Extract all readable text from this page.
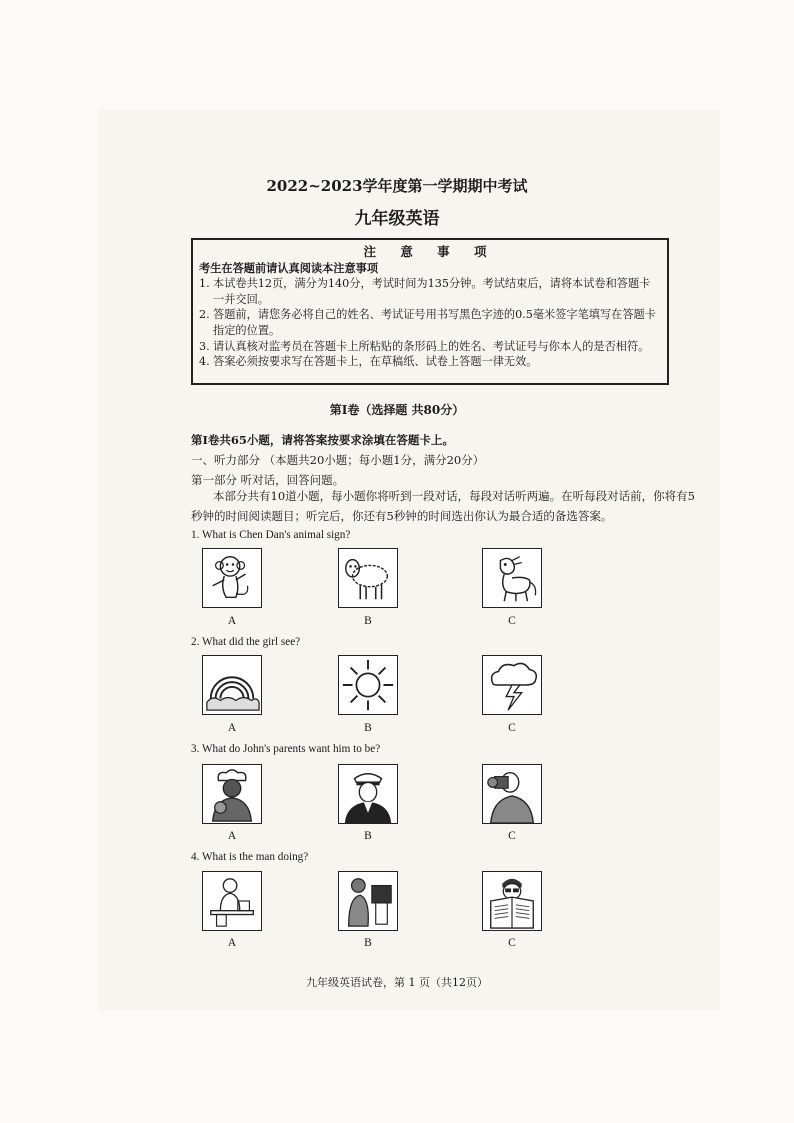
2022~2023学年度第一学期期中考试
九年级英语
注 意 事 项
考生在答题前请认真阅读本注意事项
1. 本试卷共12页，满分为140分，考试时间为135分钟。考试结束后，请将本试卷和答题卡一并交回。
2. 答题前，请您务必将自己的姓名、考试证号用书写黑色字迹的0.5毫米签字笔填写在答题卡指定的位置。
3. 请认真核对监考员在答题卡上所粘贴的条形码上的姓名、考试证号与你本人的是否相符。
4. 答案必须按要求写在答题卡上，在草稿纸、试卷上答题一律无效。
第Ⅰ卷（选择题 共80分）
第Ⅰ卷共65小题，请将答案按要求涂填在答题卡上。
一、听力部分 （本题共20小题；每小题1分，满分20分）
第一部分 听对话，回答问题。
本部分共有10道小题，每小题你将听到一段对话，每段对话听两遍。在听每段对话前，你将有5秒钟的时间阅读题目；听完后，你还有5秒钟的时间选出你认为最合适的备选答案。
1. What is Chen Dan's animal sign?
A	B	C
2. What did the girl see?
A	B	C
3. What do John's parents want him to be?
A	B	C
4. What is the man doing?
A	B	C
九年级英语试卷，第 1 页（共12页）
